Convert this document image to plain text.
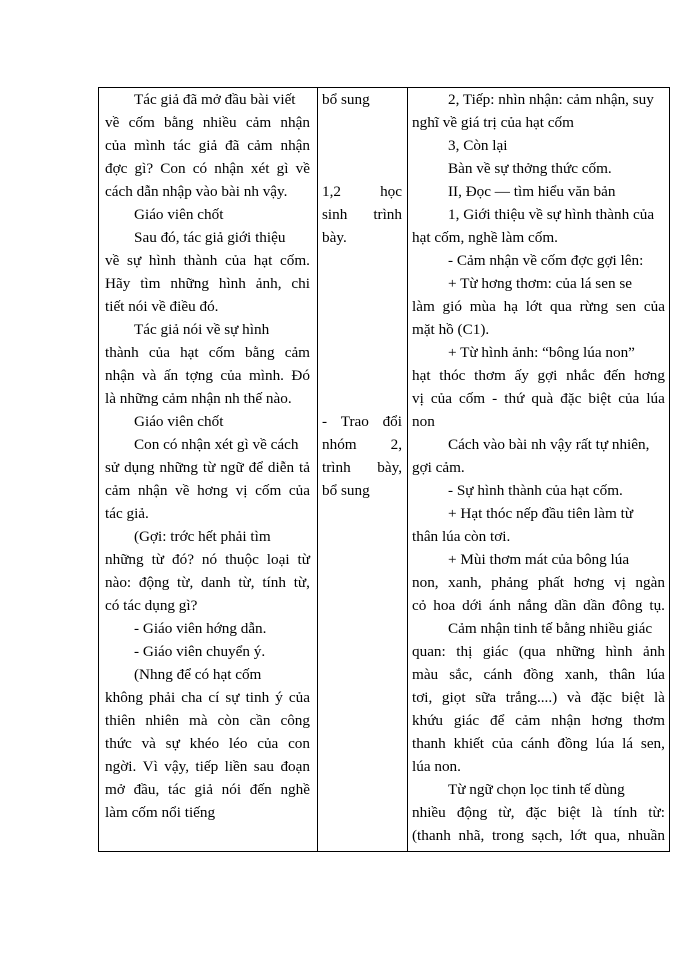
Tác giả đã mở đầu bài viết
về cốm bằng nhiều cảm nhận
của mình tác giả đã cảm nhận
đợc gì? Con có nhận xét gì về
cách dẫn nhập vào bài nh vậy.
Giáo viên chốt
Sau đó, tác giả giới thiệu
về sự hình thành của hạt cốm.
Hãy tìm những hình ảnh, chi
tiết nói về điều đó.
Tác giả nói về sự hình
thành của hạt cốm bằng cảm
nhận và ấn tợng của mình. Đó
là những cảm nhận nh thế nào.
Giáo viên chốt
Con có nhận xét gì về cách
sử dụng những từ ngữ để diễn tả
cảm nhận về hơng vị cốm của
tác giả.
(Gợi: trớc hết phải tìm
những từ đó? nó thuộc loại từ
nào: động từ, danh từ, tính từ,
có tác dụng gì?
- Giáo viên hớng dẫn.
- Giáo viên chuyển ý.
(Nhng để có hạt cốm
không phải cha cí sự tinh ý của
thiên nhiên mà còn cần công
thức và sự khéo léo của con
ngời. Vì vậy, tiếp liền sau đoạn
mở đầu, tác giả nói đến nghề
làm cốm nổi tiếng
bổ sung

1,2	học
sinh trình
bày.

- Trao đổi
nhóm 2,
trình bày,
bổ sung
2, Tiếp: nhìn nhận: cảm nhận, suy
nghĩ về giá trị của hạt cốm
3, Còn lại
Bàn về sự thởng thức cốm.
II, Đọc — tìm hiểu văn bản
1, Giới thiệu về sự hình thành của
hạt cốm, nghề làm cốm.
- Cảm nhận về cốm đợc gợi lên:
+ Từ hơng thơm: của lá sen se
làm gió mùa hạ lớt qua rừng sen của
mặt hồ (C1).
+ Từ hình ảnh: “bông lúa non”
hạt thóc thơm ấy gợi nhắc đến hơng
vị của cốm - thứ quà đặc biệt của lúa
non
Cách vào bài nh vậy rất tự nhiên,
gợi cảm.
- Sự hình thành của hạt cốm.
+ Hạt thóc nếp đầu tiên làm từ
thân lúa còn tơi.
+ Mùi thơm mát của bông lúa
non, xanh, phảng phất hơng vị ngàn
cỏ hoa dới ánh nắng dần dần đông tụ.
Cảm nhận tinh tế bằng nhiều giác
quan: thị giác (qua những hình ảnh
màu sắc, cánh đồng xanh, thân lúa
tơi, giọt sữa trắng....) và đặc biệt là
khứu giác để cảm nhận hơng thơm
thanh khiết của cánh đồng lúa lá sen,
lúa non.
Từ ngữ chọn lọc tinh tế dùng
nhiều động từ, đặc biệt là tính từ:
(thanh nhã, trong sạch, lớt qua, nhuần
